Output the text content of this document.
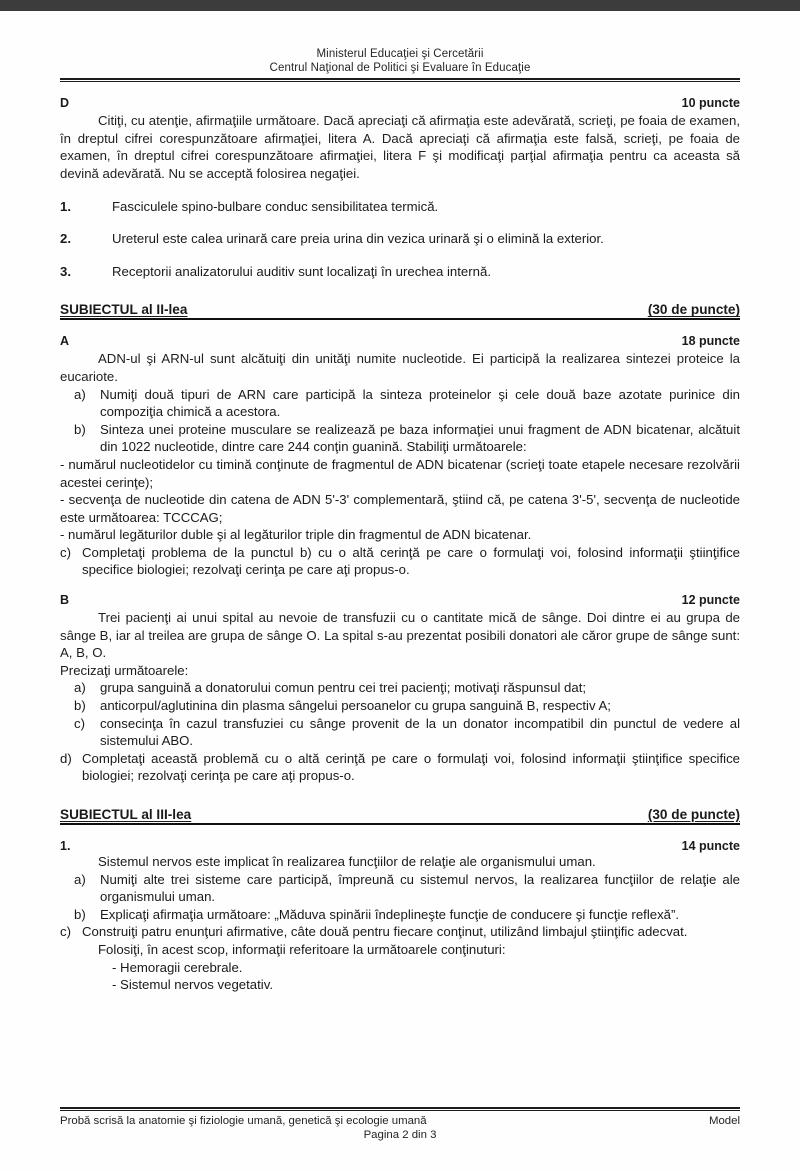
Ministerul Educaţiei şi Cercetării
Centrul Naţional de Politici şi Evaluare în Educaţie
D	10 puncte

Citiţi, cu atenţie, afirmaţiile următoare. Dacă apreciaţi că afirmaţia este adevărată, scrieţi, pe foaia de examen, în dreptul cifrei corespunzătoare afirmaţiei, litera A. Dacă apreciaţi că afirmaţia este falsă, scrieţi, pe foaia de examen, în dreptul cifrei corespunzătoare afirmaţiei, litera F şi modificaţi parţial afirmaţia pentru ca aceasta să devină adevărată. Nu se acceptă folosirea negaţiei.

1.	Fasciculele spino-bulbare conduc sensibilitatea termică.
2.	Ureterul este calea urinară care preia urina din vezica urinară şi o elimină la exterior.
3.	Receptorii analizatorului auditiv sunt localizaţi în urechea internă.
SUBIECTUL al II-lea	(30 de puncte)
A	18 puncte

ADN-ul şi ARN-ul sunt alcătuiţi din unităţi numite nucleotide. Ei participă la realizarea sintezei proteice la eucariote.

a)	Numiţi două tipuri de ARN care participă la sinteza proteinelor şi cele două baze azotate purinice din compoziţia chimică a acestora.
b)	Sinteza unei proteine musculare se realizează pe baza informaţiei unui fragment de ADN bicatenar, alcătuit din 1022 nucleotide, dintre care 244 conţin guanină. Stabiliţi următoarele:

- numărul nucleotidelor cu timină conţinute de fragmentul de ADN bicatenar (scrieţi toate etapele necesare rezolvării acestei cerinţe);

- secvenţa de nucleotide din catena de ADN 5'-3' complementară, ştiind că, pe catena 3'-5', secvenţa de nucleotide este următoarea: TCCCAG;

- numărul legăturilor duble şi al legăturilor triple din fragmentul de ADN bicatenar.

c) Completaţi problema de la punctul b) cu o altă cerinţă pe care o formulaţi voi, folosind informaţii ştiinţifice specifice biologiei; rezolvaţi cerinţa pe care aţi propus-o.
B	12 puncte

Trei pacienţi ai unui spital au nevoie de transfuzii cu o cantitate mică de sânge. Doi dintre ei au grupa de sânge B, iar al treilea are grupa de sânge O. La spital s-au prezentat posibili donatori ale căror grupe de sânge sunt: A, B, O.

Precizaţi următoarele:

a)	grupa sanguină a donatorului comun pentru cei trei pacienţi; motivaţi răspunsul dat;
b)	anticorpul/aglutinina din plasma sângelui persoanelor cu grupa sanguină B, respectiv A;
c)	consecinţa în cazul transfuziei cu sânge provenit de la un donator incompatibil din punctul de vedere al sistemului ABO.
d) Completaţi această problemă cu o altă cerinţă pe care o formulaţi voi, folosind informaţii ştiinţifice specifice biologiei; rezolvaţi cerinţa pe care aţi propus-o.
SUBIECTUL al III-lea	(30 de puncte)
1.	14 puncte

Sistemul nervos este implicat în realizarea funcţiilor de relaţie ale organismului uman.

a)	Numiţi alte trei sisteme care participă, împreună cu sistemul nervos, la realizarea funcţiilor de relaţie ale organismului uman.
b)	Explicaţi afirmaţia următoare: „Măduva spinării îndeplineşte funcţie de conducere şi funcţie reflexă”.
c) Construiţi patru enunţuri afirmative, câte două pentru fiecare conţinut, utilizând limbajul ştiinţific adecvat.

Folosiţi, în acest scop, informaţii referitoare la următoarele conţinuturi:

- Hemoragii cerebrale.

- Sistemul nervos vegetativ.

Probă scrisă la anatomie şi fiziologie umană, genetică şi ecologie umană	Model
Pagina 2 din 3
